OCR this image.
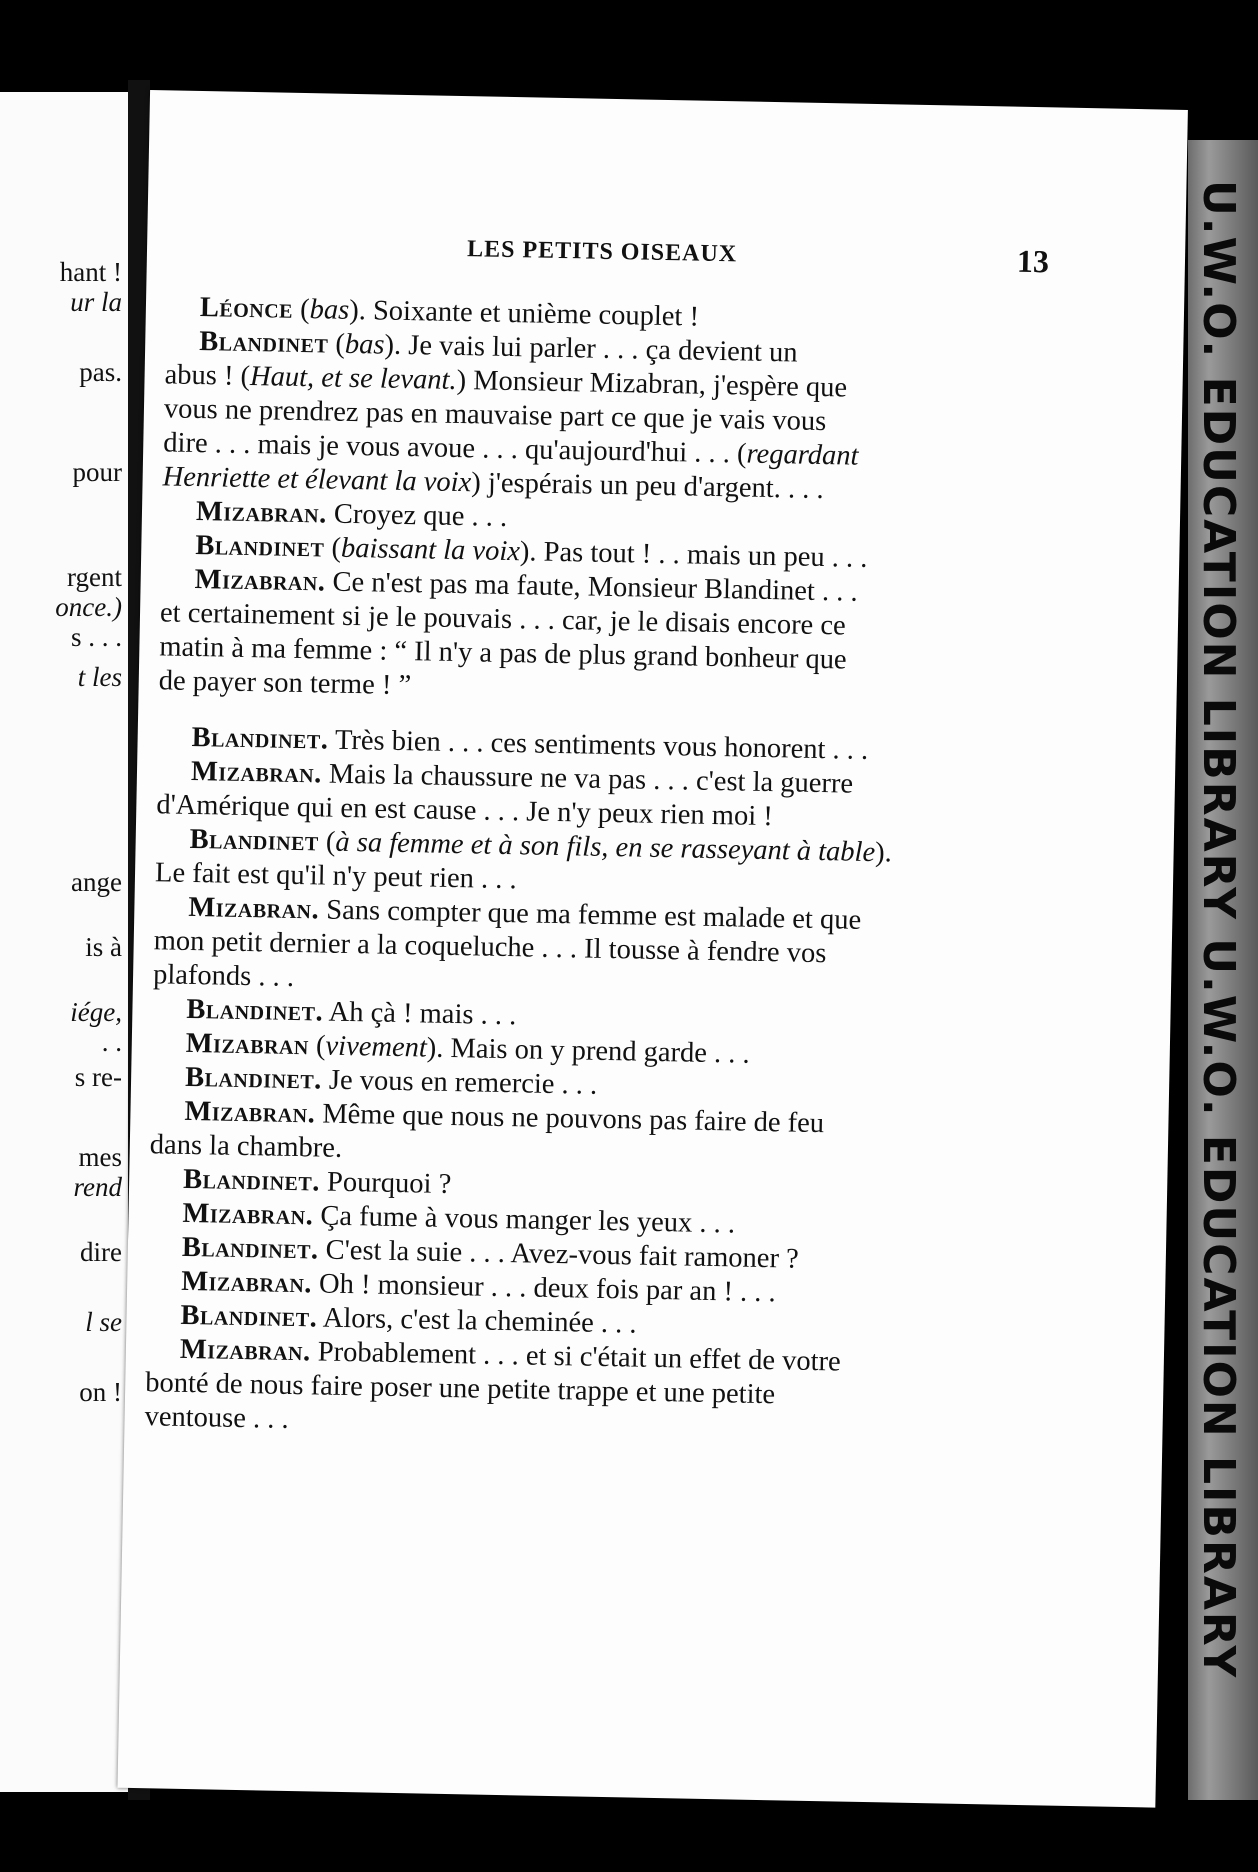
hant !
ur la
pas.
pour
rgent
once.)
s . . .
t les
ange
is à
iége,
. .
s re-
mes
rend
dire
l se
on !
LES PETITS OISEAUX	13
Léonce (bas). Soixante et unième couplet !
Blandinet (bas). Je vais lui parler . . . ça devient un
abus ! (Haut, et se levant.) Monsieur Mizabran, j'espère que
vous ne prendrez pas en mauvaise part ce que je vais vous
dire . . . mais je vous avoue . . . qu'aujourd'hui . . . (regardant
Henriette et élevant la voix) j'espérais un peu d'argent. . . .
Mizabran. Croyez que . . .
Blandinet (baissant la voix). Pas tout ! . . mais un peu . . .
Mizabran. Ce n'est pas ma faute, Monsieur Blandinet . . .
et certainement si je le pouvais . . . car, je le disais encore ce
matin à ma femme : “ Il n'y a pas de plus grand bonheur que
de payer son terme ! ”
Blandinet. Très bien . . . ces sentiments vous honorent . . .
Mizabran. Mais la chaussure ne va pas . . . c'est la guerre
d'Amérique qui en est cause . . . Je n'y peux rien moi !
Blandinet (à sa femme et à son fils, en se rasseyant à table).
Le fait est qu'il n'y peut rien . . .
Mizabran. Sans compter que ma femme est malade et que
mon petit dernier a la coqueluche . . . Il tousse à fendre vos
plafonds . . .
Blandinet. Ah çà ! mais . . .
Mizabran (vivement). Mais on y prend garde . . .
Blandinet. Je vous en remercie . . .
Mizabran. Même que nous ne pouvons pas faire de feu
dans la chambre.
Blandinet. Pourquoi ?
Mizabran. Ça fume à vous manger les yeux . . .
Blandinet. C'est la suie . . . Avez-vous fait ramoner ?
Mizabran. Oh ! monsieur . . . deux fois par an ! . . .
Blandinet. Alors, c'est la cheminée . . .
Mizabran. Probablement . . . et si c'était un effet de votre
bonté de nous faire poser une petite trappe et une petite
ventouse . . .	U.W.O. EDUCATION LIBRARY U.W.O. EDUCATION LIBRARY
